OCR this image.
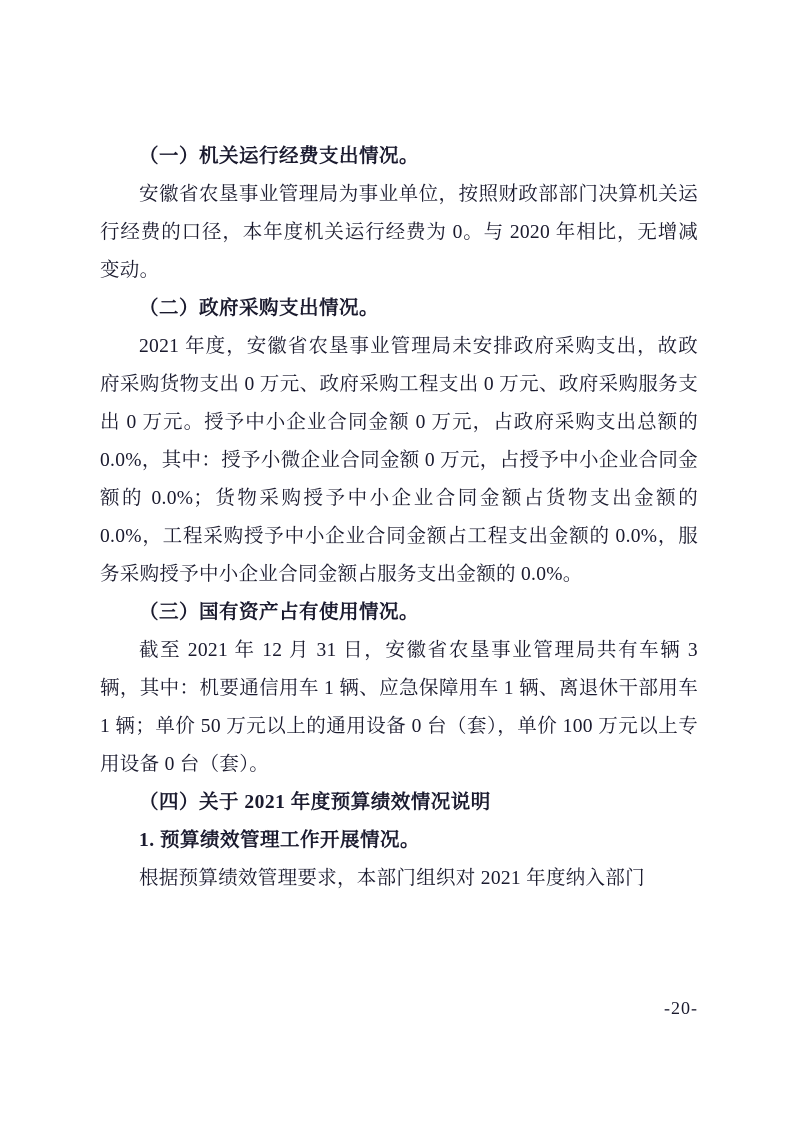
（一）机关运行经费支出情况。

安徽省农垦事业管理局为事业单位，按照财政部部门决算机关运行经费的口径，本年度机关运行经费为 0。与 2020 年相比，无增减变动。

（二）政府采购支出情况。

2021 年度，安徽省农垦事业管理局未安排政府采购支出，故政府采购货物支出 0 万元、政府采购工程支出 0 万元、政府采购服务支出 0 万元。授予中小企业合同金额 0 万元，占政府采购支出总额的 0.0%，其中：授予小微企业合同金额 0 万元，占授予中小企业合同金额的 0.0%；货物采购授予中小企业合同金额占货物支出金额的 0.0%，工程采购授予中小企业合同金额占工程支出金额的 0.0%，服务采购授予中小企业合同金额占服务支出金额的 0.0%。

（三）国有资产占有使用情况。

截至 2021 年 12 月 31 日，安徽省农垦事业管理局共有车辆 3 辆，其中：机要通信用车 1 辆、应急保障用车 1 辆、离退休干部用车 1 辆；单价 50 万元以上的通用设备 0 台（套），单价 100 万元以上专用设备 0 台（套）。

（四）关于 2021 年度预算绩效情况说明

1. 预算绩效管理工作开展情况。

根据预算绩效管理要求，本部门组织对 2021 年度纳入部门

-20-
